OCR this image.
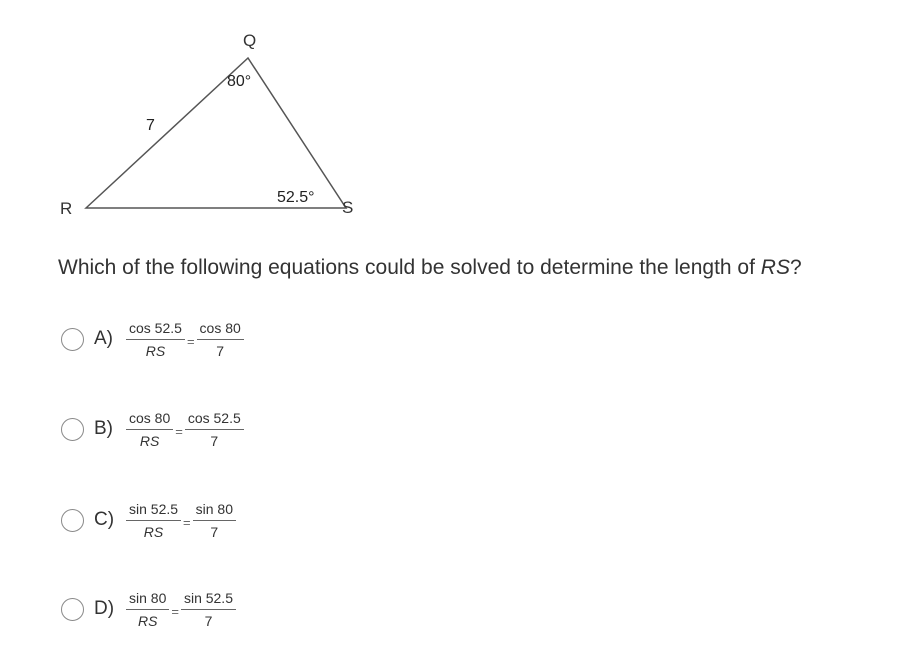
Q
R	S
7
80°
52.5°
Which of the following equations could be solved to determine the length of RS?
$A) \frac{\cos 52.5}{RS} = \frac{\cos 80}{7}$
$B) \frac{\cos 80}{RS} = \frac{\cos 52.5}{7}$
$C) \frac{\sin 52.5}{RS} = \frac{\sin 80}{7}$
$D) \frac{\sin 80}{RS} = \frac{\sin 52.5}{7}$
